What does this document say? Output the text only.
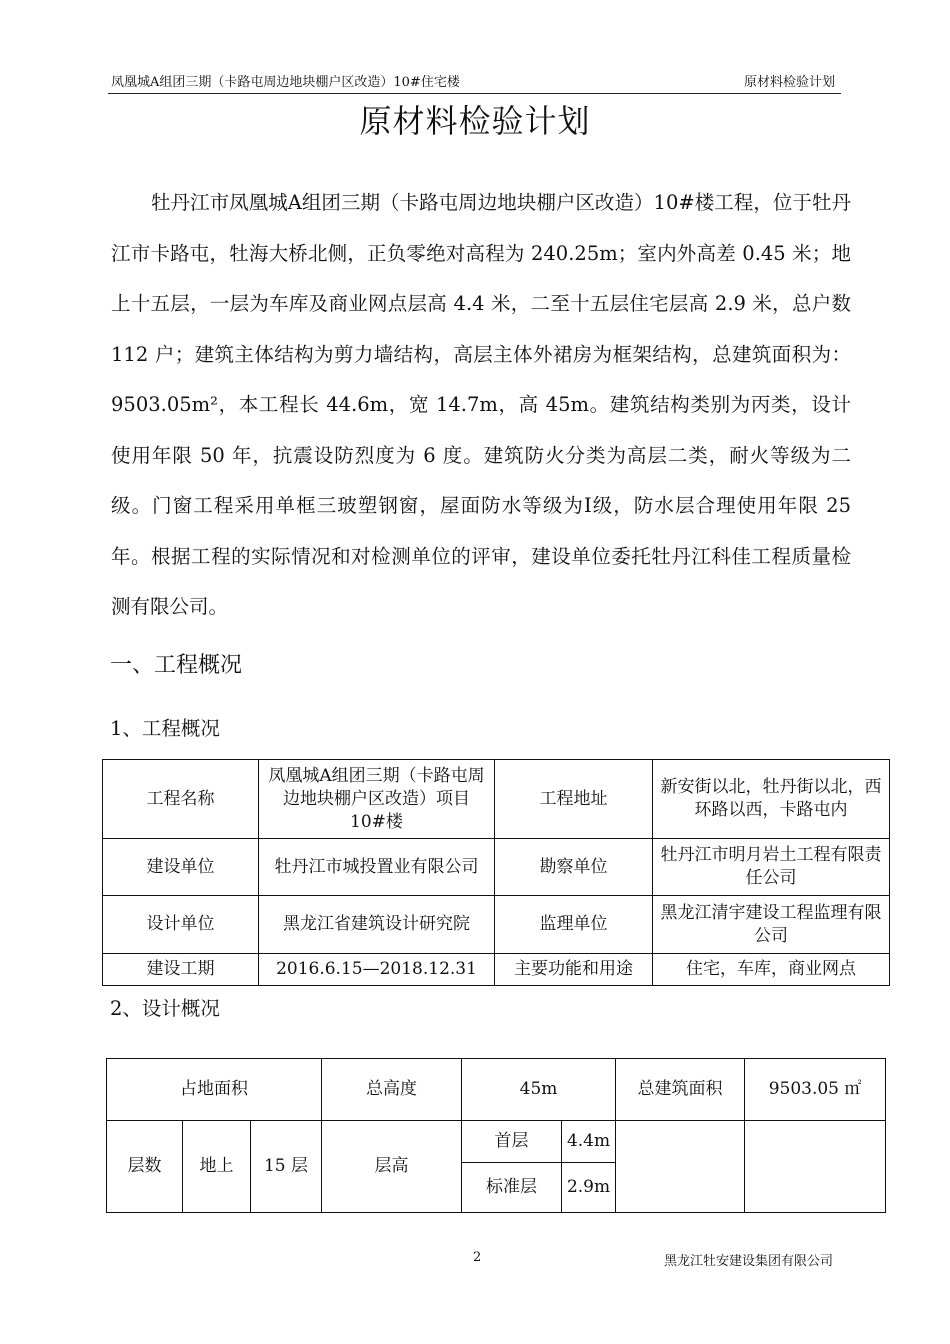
凤凰城A组团三期（卡路屯周边地块棚户区改造）10#住宅楼	原材料检验计划
原材料检验计划

牡丹江市凤凰城A组团三期（卡路屯周边地块棚户区改造）10#楼工程，位于牡丹江市卡路屯，牡海大桥北侧，正负零绝对高程为 240.25m；室内外高差 0.45 米；地上十五层，一层为车库及商业网点层高 4.4 米，二至十五层住宅层高 2.9 米，总户数 112 户；建筑主体结构为剪力墙结构，高层主体外裙房为框架结构，总建筑面积为：9503.05m²，本工程长 44.6m，宽 14.7m，高 45m。建筑结构类别为丙类，设计使用年限 50 年，抗震设防烈度为 6 度。建筑防火分类为高层二类，耐火等级为二级。门窗工程采用单框三玻塑钢窗，屋面防水等级为Ⅰ级，防水层合理使用年限 25 年。根据工程的实际情况和对检测单位的评审，建设单位委托牡丹江科佳工程质量检测有限公司。

一、工程概况
1、工程概况
工程名称	凤凰城A组团三期（卡路屯周边地块棚户区改造）项目 10#楼	工程地址	新安街以北，牡丹街以北，西环路以西，卡路屯内
建设单位	牡丹江市城投置业有限公司	勘察单位	牡丹江市明月岩土工程有限责任公司
设计单位	黑龙江省建筑设计研究院	监理单位	黑龙江清宇建设工程监理有限公司
建设工期	2016.6.15—2018.12.31	主要功能和用途	住宅，车库，商业网点
2、设计概况
占地面积			总高度	45m		总建筑面积	9503.05 ㎡
层数	地上	15 层	层高	首层	4.4m		
				标准层	2.9m		
2	黑龙江牡安建设集团有限公司
